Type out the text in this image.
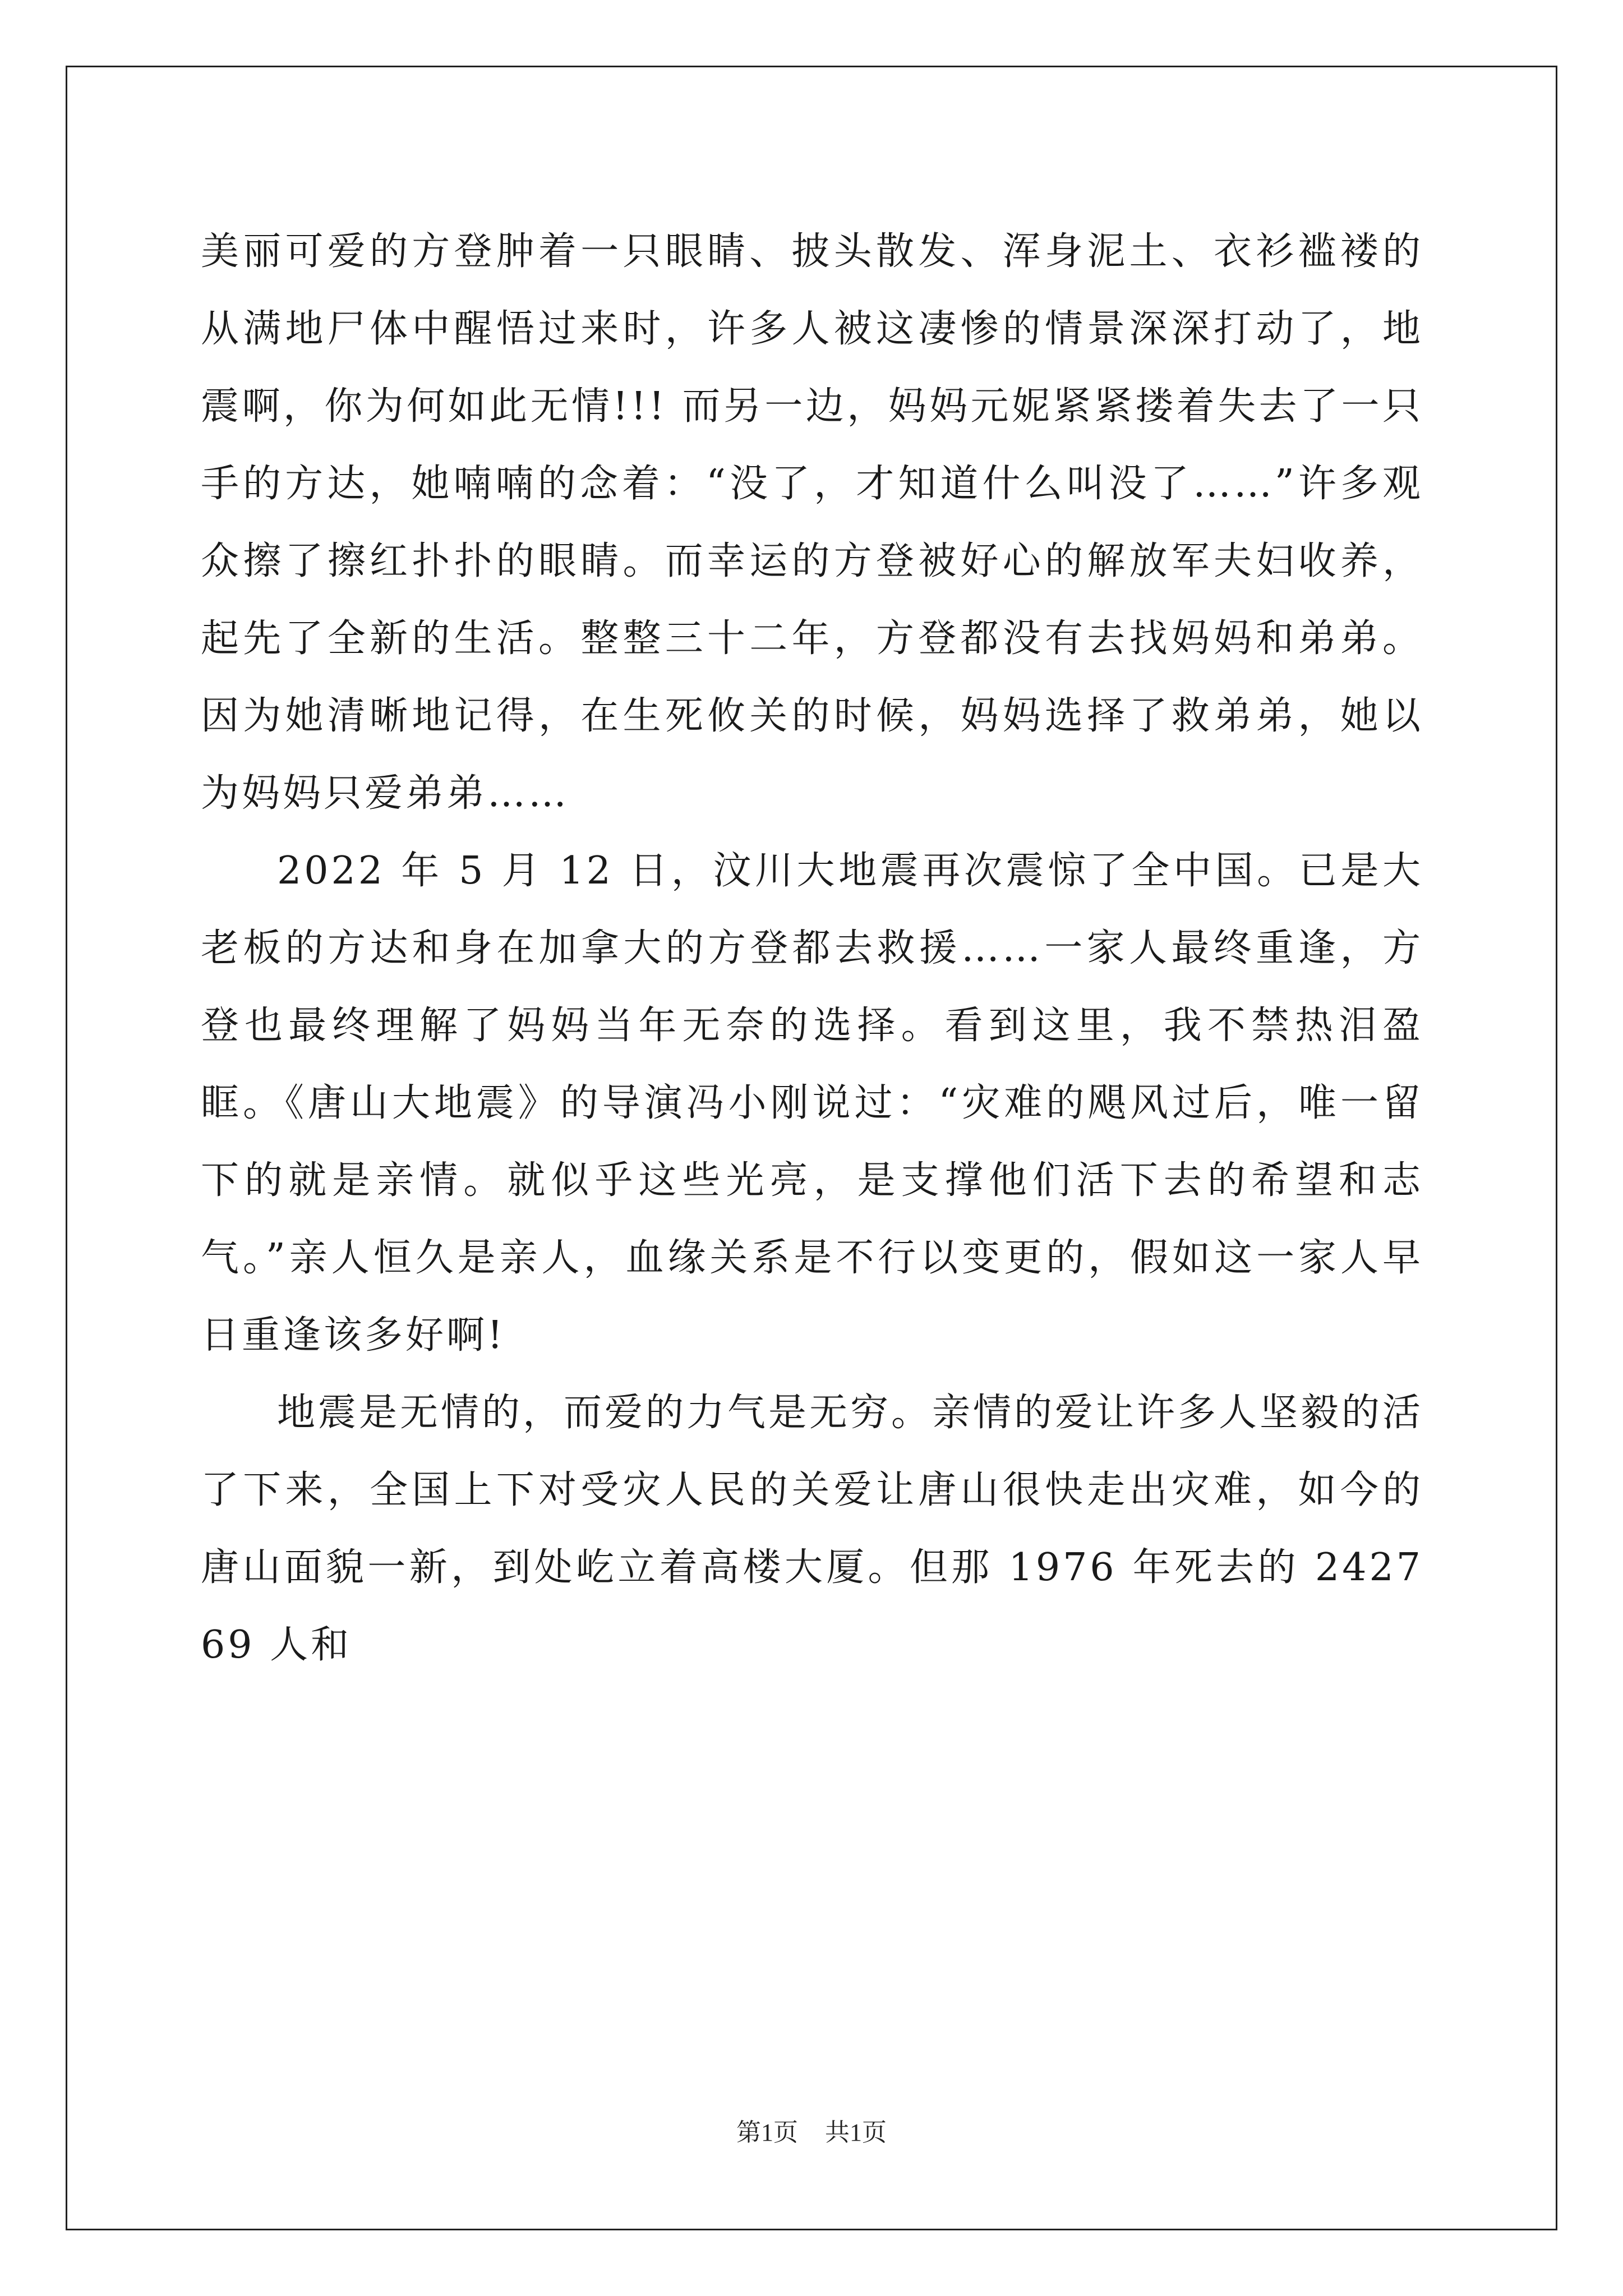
美丽可爱的方登肿着一只眼睛、披头散发、浑身泥土、衣衫褴褛的从满地尸体中醒悟过来时，许多人被这凄惨的情景深深打动了，地震啊，你为何如此无情!!! 而另一边，妈妈元妮紧紧搂着失去了一只手的方达，她喃喃的念着：“没了，才知道什么叫没了……”许多观众擦了擦红扑扑的眼睛。而幸运的方登被好心的解放军夫妇收养，起先了全新的生活。整整三十二年，方登都没有去找妈妈和弟弟。因为她清晰地记得，在生死攸关的时候，妈妈选择了救弟弟，她以为妈妈只爱弟弟……

2022 年 5 月 12 日，汶川大地震再次震惊了全中国。已是大老板的方达和身在加拿大的方登都去救援……一家人最终重逢，方登也最终理解了妈妈当年无奈的选择。看到这里，我不禁热泪盈眶。《唐山大地震》的导演冯小刚说过：“灾难的飓风过后，唯一留下的就是亲情。就似乎这些光亮，是支撑他们活下去的希望和志气。”亲人恒久是亲人，血缘关系是不行以变更的，假如这一家人早日重逢该多好啊!

地震是无情的，而爱的力气是无穷。亲情的爱让许多人坚毅的活了下来，全国上下对受灾人民的关爱让唐山很快走出灾难，如今的唐山面貌一新，到处屹立着高楼大厦。但那 1976 年死去的 242769 人和

第1页 共1页
